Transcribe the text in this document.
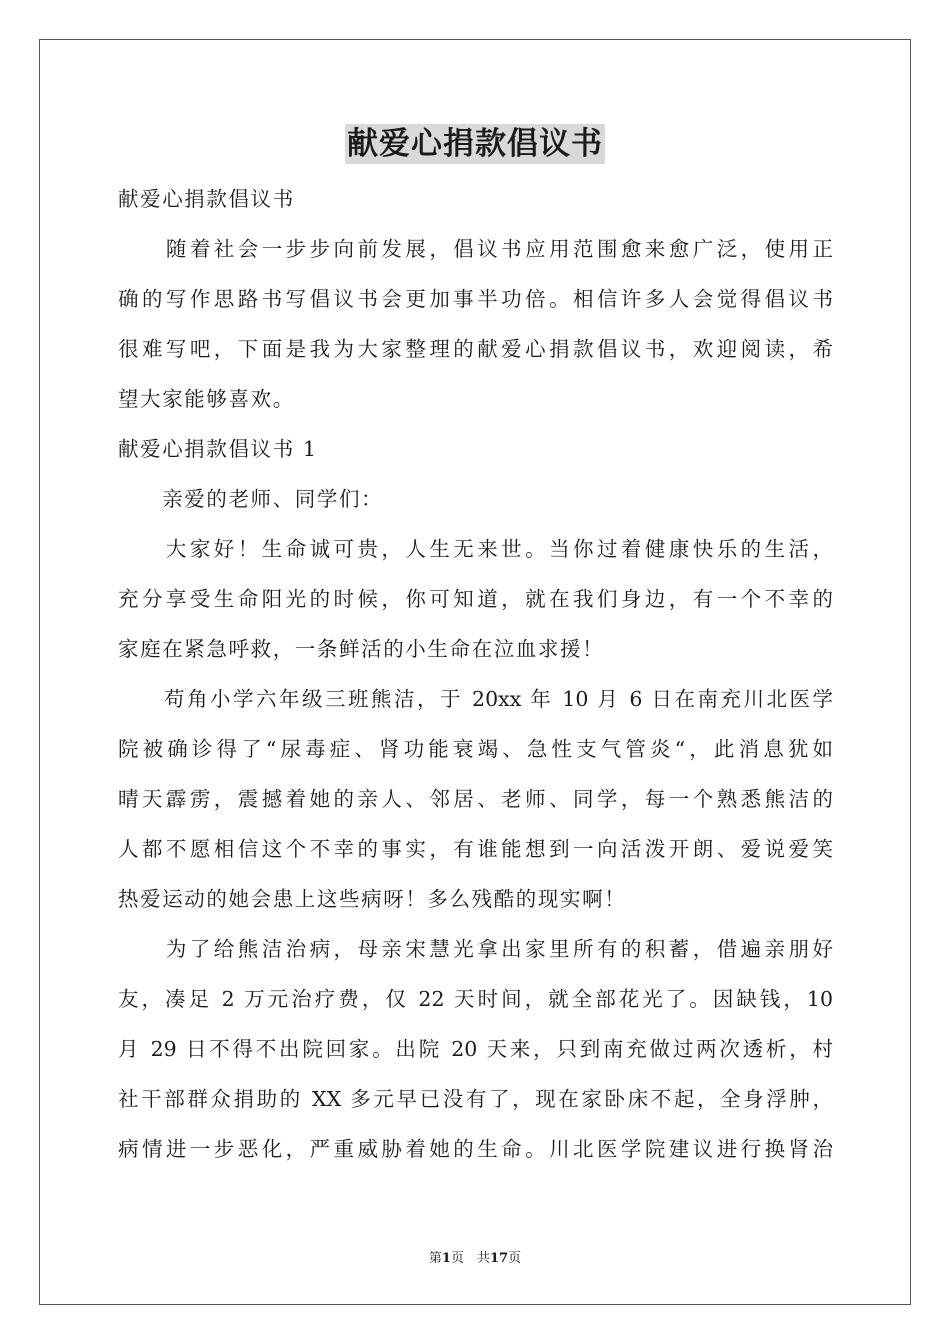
献爱心捐款倡议书
献爱心捐款倡议书
　　随着社会一步步向前发展，倡议书应用范围愈来愈广泛，使用正
确的写作思路书写倡议书会更加事半功倍。相信许多人会觉得倡议书
很难写吧，下面是我为大家整理的献爱心捐款倡议书，欢迎阅读，希
望大家能够喜欢。
献爱心捐款倡议书 1
　　亲爱的老师、同学们：
　　大家好！生命诚可贵，人生无来世。当你过着健康快乐的生活，
充分享受生命阳光的时候，你可知道，就在我们身边，有一个不幸的
家庭在紧急呼救，一条鲜活的小生命在泣血求援！
　　苟角小学六年级三班熊洁，于 20xx 年 10 月 6 日在南充川北医学
院被确诊得了“尿毒症、肾功能衰竭、急性支气管炎“，此消息犹如
晴天霹雳，震撼着她的亲人、邻居、老师、同学，每一个熟悉熊洁的
人都不愿相信这个不幸的事实，有谁能想到一向活泼开朗、爱说爱笑
热爱运动的她会患上这些病呀！多么残酷的现实啊！
　　为了给熊洁治病，母亲宋慧光拿出家里所有的积蓄，借遍亲朋好
友，凑足 2 万元治疗费，仅 22 天时间，就全部花光了。因缺钱，10
月 29 日不得不出院回家。出院 20 天来，只到南充做过两次透析，村
社干部群众捐助的 XX 多元早已没有了，现在家卧床不起，全身浮肿，
病情进一步恶化，严重威胁着她的生命。川北医学院建议进行换肾治
第1页　共17页
